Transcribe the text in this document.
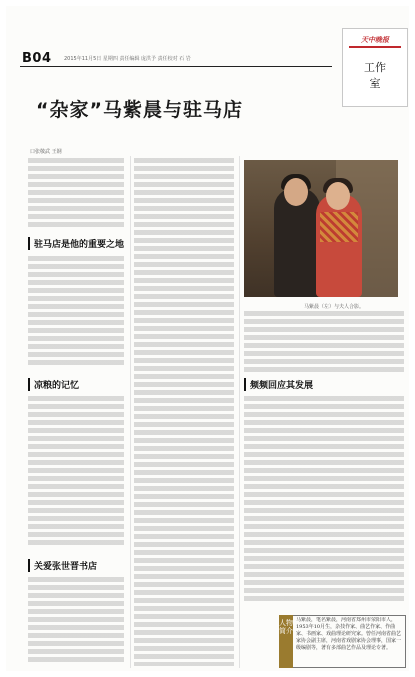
B04	2015年11月5日 星期四 责任编辑 庞洪予 责任校对 石 岩
天中晚报
工作
室
“杂家”马紫晨与驻马店
口张敬武 王钢
驻马店是他的重要之地
凉粮的记忆
关爱张世晋书店
马紫晨（左）与夫人合影。
频频回应其发展
人物简介
马紫晨，笔名紫晨，河南省郑州市荥阳市人，1953年10月生，杂技作家、曲艺作家、作曲家、书画家、戏曲理论研究家。曾任河南省曲艺家协会副主席，河南省戏剧家协会理事，国家一级编剧等，著有多部曲艺作品及理论专著。
